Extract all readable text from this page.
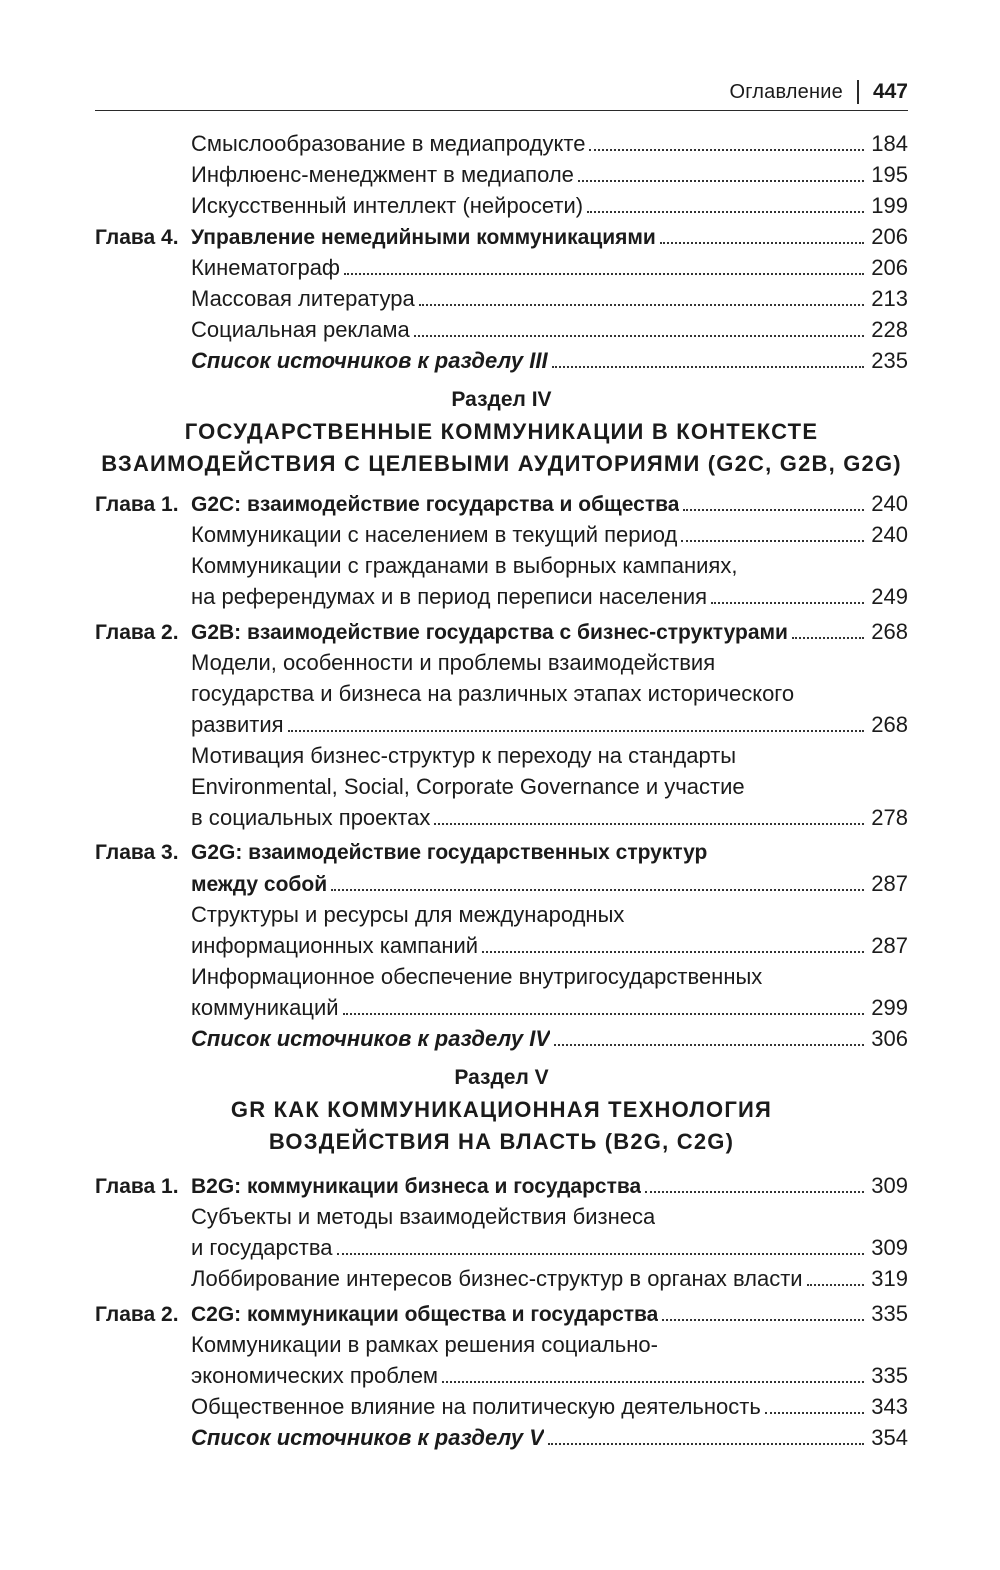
Оглавление 447
Смыслообразование в медиапродукте	184
Инфлюенс-менеджмент в медиаполе	195
Искусственный интеллект (нейросети)	199
Глава 4. Управление немедийными коммуникациями	206
Кинематограф	206
Массовая литература	213
Социальная реклама	228
Список источников к разделу III	235
Раздел IV
ГОСУДАРСТВЕННЫЕ КОММУНИКАЦИИ В КОНТЕКСТЕ
ВЗАИМОДЕЙСТВИЯ С ЦЕЛЕВЫМИ АУДИТОРИЯМИ (G2C, G2B, G2G)
Глава 1. G2C: взаимодействие государства и общества	240
Коммуникации с населением в текущий период	240
Коммуникации с гражданами в выборных кампаниях,
на референдумах и в период переписи населения	249
Глава 2. G2B: взаимодействие государства с бизнес-структурами	268
Модели, особенности и проблемы взаимодействия
государства и бизнеса на различных этапах исторического
развития	268
Мотивация бизнес-структур к переходу на стандарты
Environmental, Social, Corporate Governance и участие
в социальных проектах	278
Глава 3. G2G: взаимодействие государственных структур
между собой	287
Структуры и ресурсы для международных
информационных кампаний	287
Информационное обеспечение внутригосударственных
коммуникаций	299
Список источников к разделу IV	306
Раздел V
GR КАК КОММУНИКАЦИОННАЯ ТЕХНОЛОГИЯ
ВОЗДЕЙСТВИЯ НА ВЛАСТЬ (B2G, C2G)
Глава 1. B2G: коммуникации бизнеса и государства	309
Субъекты и методы взаимодействия бизнеса
и государства	309
Лоббирование интересов бизнес-структур в органах власти	319
Глава 2. C2G: коммуникации общества и государства	335
Коммуникации в рамках решения социально-
экономических проблем	335
Общественное влияние на политическую деятельность	343
Список источников к разделу V	354
